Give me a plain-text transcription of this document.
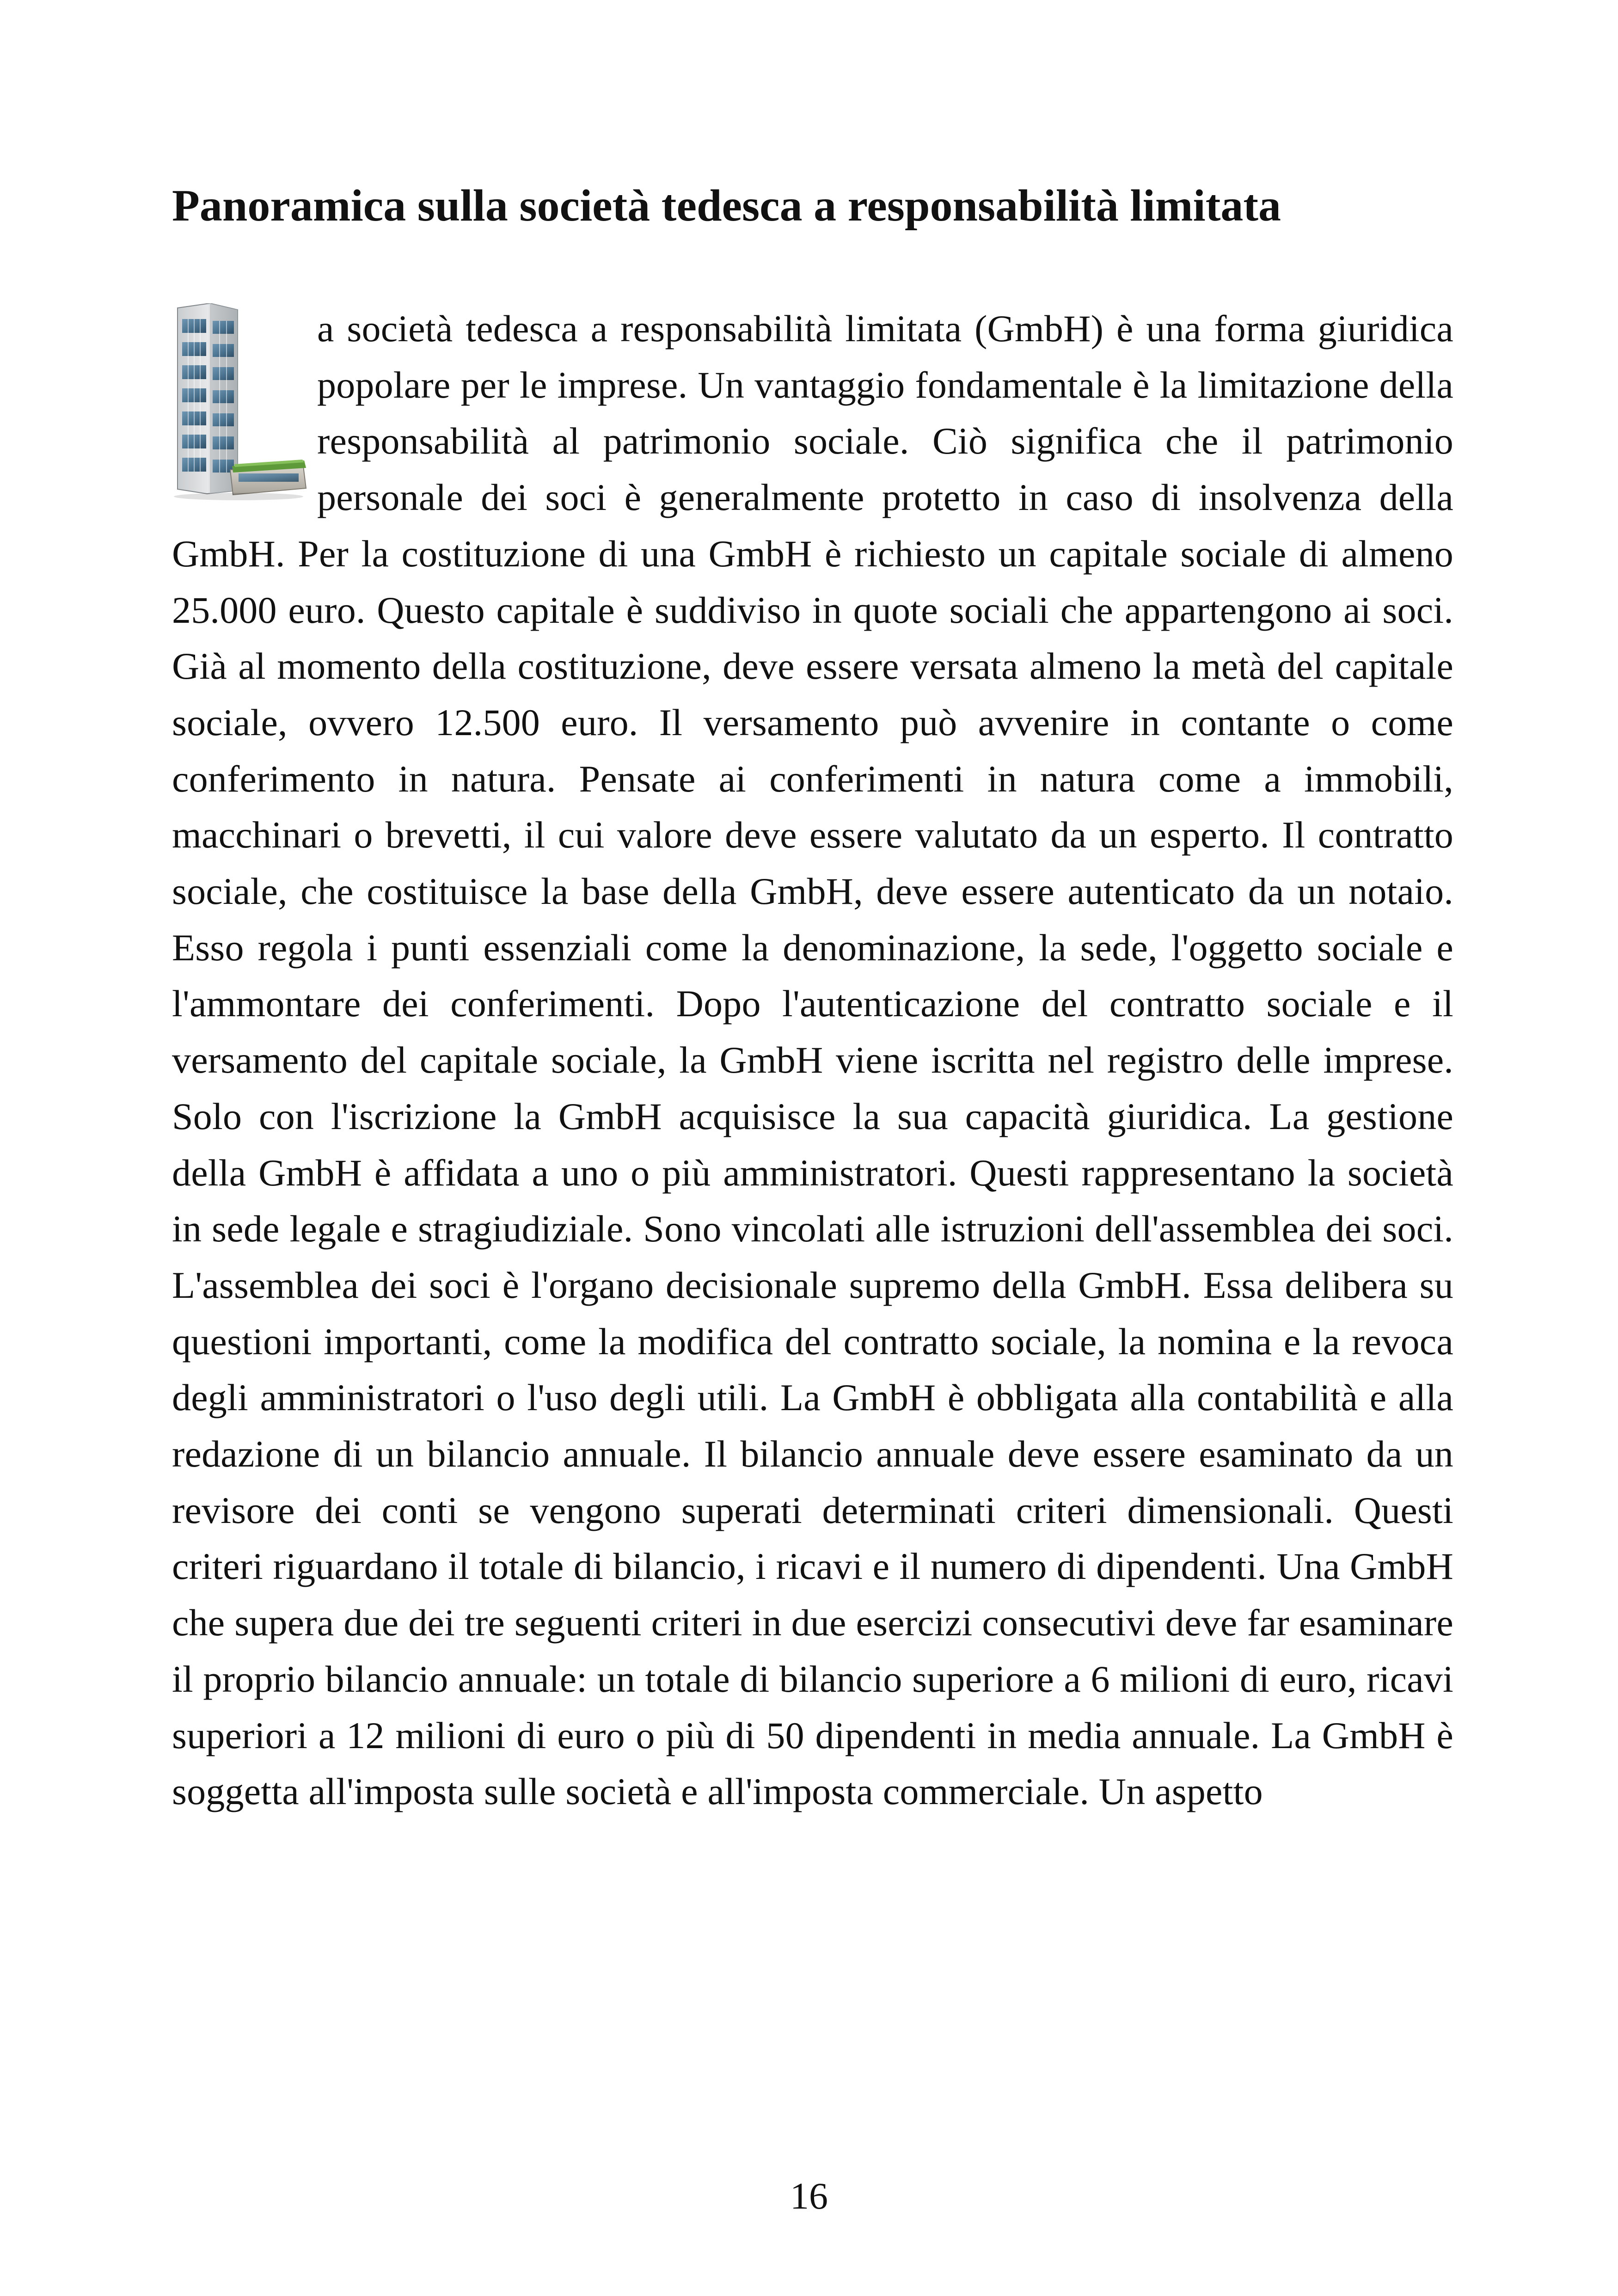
Panoramica sulla società tedesca a responsabilità limitata
a società tedesca a responsabilità limitata (GmbH) è una forma giuridica popolare per le imprese. Un vantaggio fondamentale è la limitazione della responsabilità al patrimonio sociale. Ciò significa che il patrimonio personale dei soci è generalmente protetto in caso di insolvenza della GmbH. Per la costituzione di una GmbH è richiesto un capitale sociale di almeno 25.000 euro. Questo capitale è suddiviso in quote sociali che appartengono ai soci. Già al momento della costituzione, deve essere versata almeno la metà del capitale sociale, ovvero 12.500 euro. Il versamento può avvenire in contante o come conferimento in natura. Pensate ai conferimenti in natura come a immobili, macchinari o brevetti, il cui valore deve essere valutato da un esperto. Il contratto sociale, che costituisce la base della GmbH, deve essere autenticato da un notaio. Esso regola i punti essenziali come la denominazione, la sede, l'oggetto sociale e l'ammontare dei conferimenti. Dopo l'autenticazione del contratto sociale e il versamento del capitale sociale, la GmbH viene iscritta nel registro delle imprese. Solo con l'iscrizione la GmbH acquisisce la sua capacità giuridica. La gestione della GmbH è affidata a uno o più amministratori. Questi rappresentano la società in sede legale e stragiudiziale. Sono vincolati alle istruzioni dell'assemblea dei soci. L'assemblea dei soci è l'organo decisionale supremo della GmbH. Essa delibera su questioni importanti, come la modifica del contratto sociale, la nomina e la revoca degli amministratori o l'uso degli utili. La GmbH è obbligata alla contabilità e alla redazione di un bilancio annuale. Il bilancio annuale deve essere esaminato da un revisore dei conti se vengono superati determinati criteri dimensionali. Questi criteri riguardano il totale di bilancio, i ricavi e il numero di dipendenti. Una GmbH che supera due dei tre seguenti criteri in due esercizi consecutivi deve far esaminare il proprio bilancio annuale: un totale di bilancio superiore a 6 milioni di euro, ricavi superiori a 12 milioni di euro o più di 50 dipendenti in media annuale. La GmbH è soggetta all'imposta sulle società e all'imposta commerciale. Un aspetto
16
